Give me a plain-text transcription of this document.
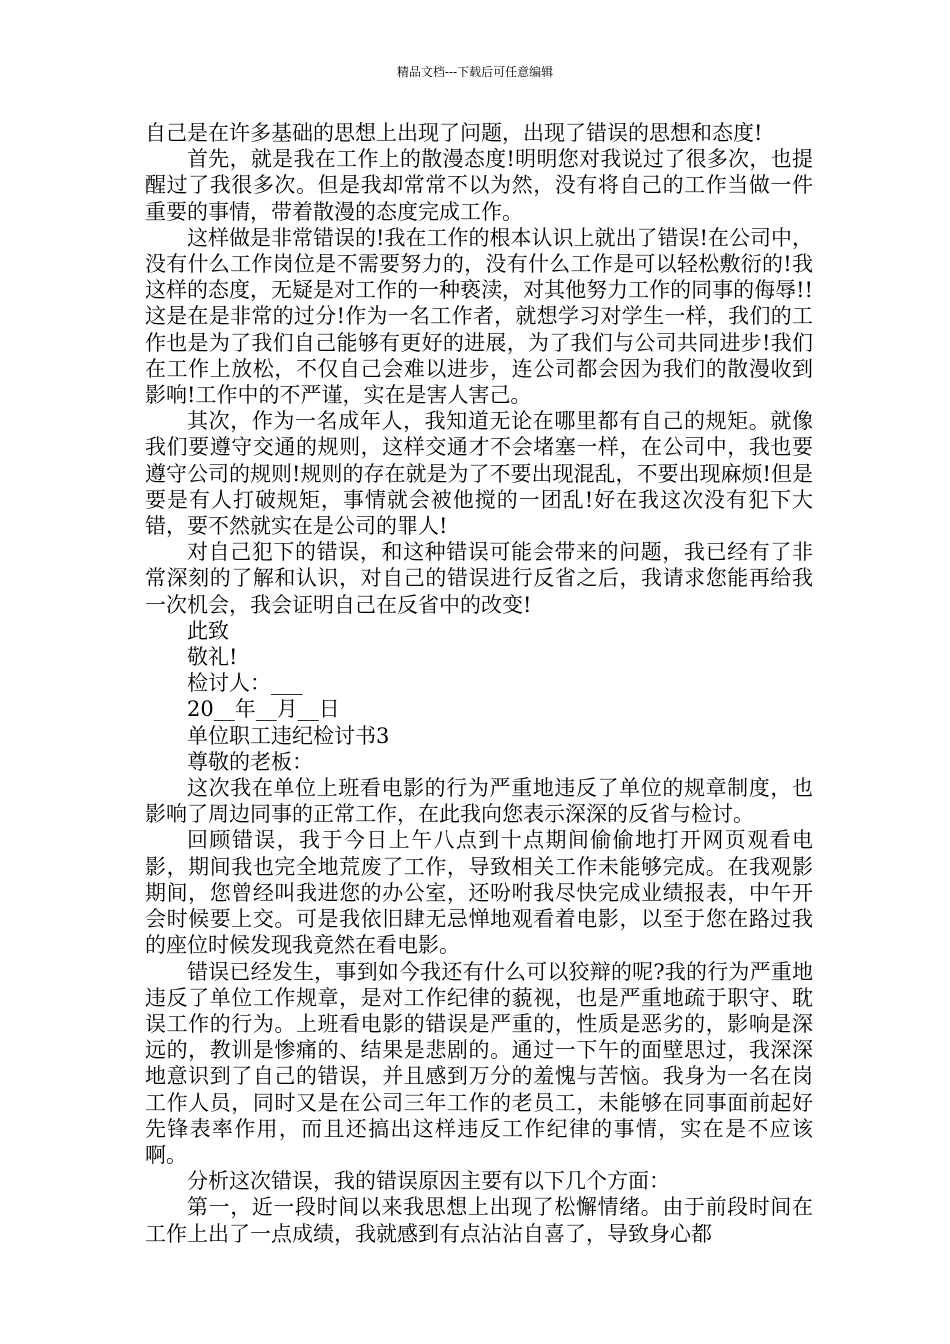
精品文档---下载后可任意编辑

自己是在许多基础的思想上出现了问题，出现了错误的思想和态度!

首先，就是我在工作上的散漫态度!明明您对我说过了很多次，也提醒过了我很多次。但是我却常常不以为然，没有将自己的工作当做一件重要的事情，带着散漫的态度完成工作。

这样做是非常错误的!我在工作的根本认识上就出了错误!在公司中，没有什么工作岗位是不需要努力的，没有什么工作是可以轻松敷衍的!我这样的态度，无疑是对工作的一种亵渎，对其他努力工作的同事的侮辱!!这是在是非常的过分!作为一名工作者，就想学习对学生一样，我们的工作也是为了我们自己能够有更好的进展，为了我们与公司共同进步!我们在工作上放松，不仅自己会难以进步，连公司都会因为我们的散漫收到影响!工作中的不严谨，实在是害人害己。

其次，作为一名成年人，我知道无论在哪里都有自己的规矩。就像我们要遵守交通的规则，这样交通才不会堵塞一样，在公司中，我也要遵守公司的规则!规则的存在就是为了不要出现混乱，不要出现麻烦!但是要是有人打破规矩，事情就会被他搅的一团乱!好在我这次没有犯下大错，要不然就实在是公司的罪人!

对自己犯下的错误，和这种错误可能会带来的问题，我已经有了非常深刻的了解和认识，对自己的错误进行反省之后，我请求您能再给我一次机会，我会证明自己在反省中的改变!

此致

敬礼!

检讨人：___

20__年__月__日

单位职工违纪检讨书3

尊敬的老板：

这次我在单位上班看电影的行为严重地违反了单位的规章制度，也影响了周边同事的正常工作，在此我向您表示深深的反省与检讨。

回顾错误，我于今日上午八点到十点期间偷偷地打开网页观看电影，期间我也完全地荒废了工作，导致相关工作未能够完成。在我观影期间，您曾经叫我进您的办公室，还吩咐我尽快完成业绩报表，中午开会时候要上交。可是我依旧肆无忌惮地观看着电影，以至于您在路过我的座位时候发现我竟然在看电影。

错误已经发生，事到如今我还有什么可以狡辩的呢?我的行为严重地违反了单位工作规章，是对工作纪律的藐视，也是严重地疏于职守、耽误工作的行为。上班看电影的错误是严重的，性质是恶劣的，影响是深远的，教训是惨痛的、结果是悲剧的。通过一下午的面壁思过，我深深地意识到了自己的错误，并且感到万分的羞愧与苦恼。我身为一名在岗工作人员，同时又是在公司三年工作的老员工，未能够在同事面前起好先锋表率作用，而且还搞出这样违反工作纪律的事情，实在是不应该啊。

分析这次错误，我的错误原因主要有以下几个方面：

第一，近一段时间以来我思想上出现了松懈情绪。由于前段时间在工作上出了一点成绩，我就感到有点沾沾自喜了，导致身心都
